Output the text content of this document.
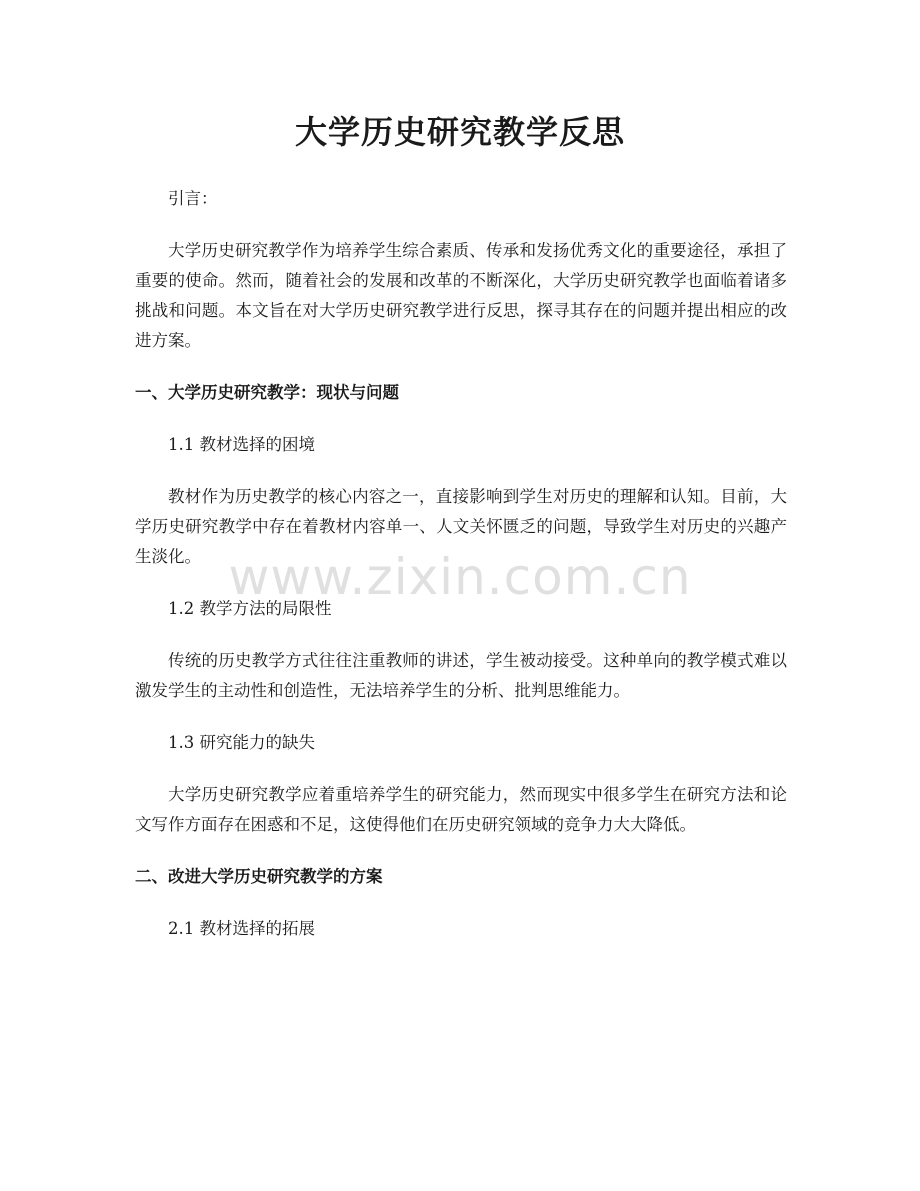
大学历史研究教学反思
引言：
大学历史研究教学作为培养学生综合素质、传承和发扬优秀文化的重要途径，承担了重要的使命。然而，随着社会的发展和改革的不断深化，大学历史研究教学也面临着诸多挑战和问题。本文旨在对大学历史研究教学进行反思，探寻其存在的问题并提出相应的改进方案。
一、大学历史研究教学：现状与问题
1.1 教材选择的困境
教材作为历史教学的核心内容之一，直接影响到学生对历史的理解和认知。目前，大学历史研究教学中存在着教材内容单一、人文关怀匮乏的问题，导致学生对历史的兴趣产生淡化。
1.2 教学方法的局限性
传统的历史教学方式往往注重教师的讲述，学生被动接受。这种单向的教学模式难以激发学生的主动性和创造性，无法培养学生的分析、批判思维能力。
1.3 研究能力的缺失
大学历史研究教学应着重培养学生的研究能力，然而现实中很多学生在研究方法和论文写作方面存在困惑和不足，这使得他们在历史研究领域的竞争力大大降低。
二、改进大学历史研究教学的方案
2.1 教材选择的拓展
www.zixin.com.cn
